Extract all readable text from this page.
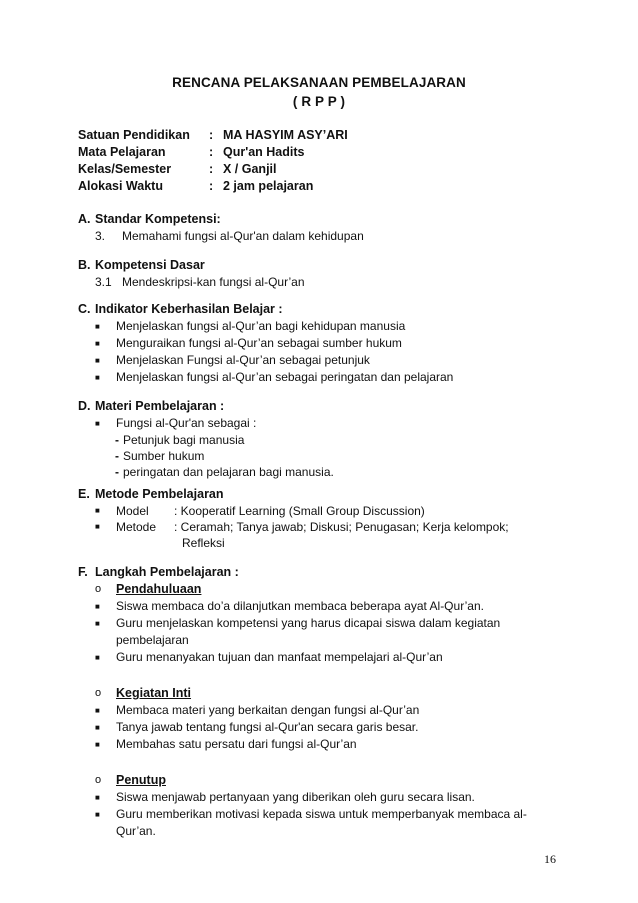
RENCANA PELAKSANAAN PEMBELAJARAN
( R P P )
Satuan Pendidikan	: MA HASYIM ASY’ARI
Mata Pelajaran	: Qur'an Hadits
Kelas/Semester	: X / Ganjil
Alokasi Waktu	: 2 jam pelajaran
A. Standar Kompetensi:
3. Memahami fungsi al-Qur'an dalam kehidupan
B. Kompetensi Dasar
3.1 Mendeskripsi-kan fungsi al-Qur’an
C. Indikator Keberhasilan Belajar :
■	Menjelaskan fungsi al-Qur’an bagi kehidupan manusia
■	Menguraikan fungsi al-Qur’an sebagai sumber hukum
■	Menjelaskan Fungsi al-Qur’an sebagai petunjuk
■	Menjelaskan fungsi al-Qur’an sebagai peringatan dan pelajaran
D. Materi Pembelajaran :
■	Fungsi al-Qur'an sebagai :
- Petunjuk bagi manusia
- Sumber hukum
- peringatan dan pelajaran bagi manusia.
E. Metode Pembelajaran
■	Model	: Kooperatif Learning (Small Group Discussion)
■	Metode	: Ceramah; Tanya jawab; Diskusi; Penugasan; Kerja kelompok;
Refleksi
F. Langkah Pembelajaran :
o	Pendahuluaan
■	Siswa membaca do’a dilanjutkan membaca beberapa ayat Al-Qur’an.
■	Guru menjelaskan kompetensi yang harus dicapai siswa dalam kegiatan
pembelajaran
■	Guru menanyakan tujuan dan manfaat mempelajari al-Qur’an
o	Kegiatan Inti
■	Membaca materi yang berkaitan dengan fungsi al-Qur’an
■	Tanya jawab tentang fungsi al-Qur'an secara garis besar.
■	Membahas satu persatu dari fungsi al-Qur’an
o	Penutup
■	Siswa menjawab pertanyaan yang diberikan oleh guru secara lisan.
■	Guru memberikan motivasi kepada siswa untuk memperbanyak membaca al-
Qur’an.
16
